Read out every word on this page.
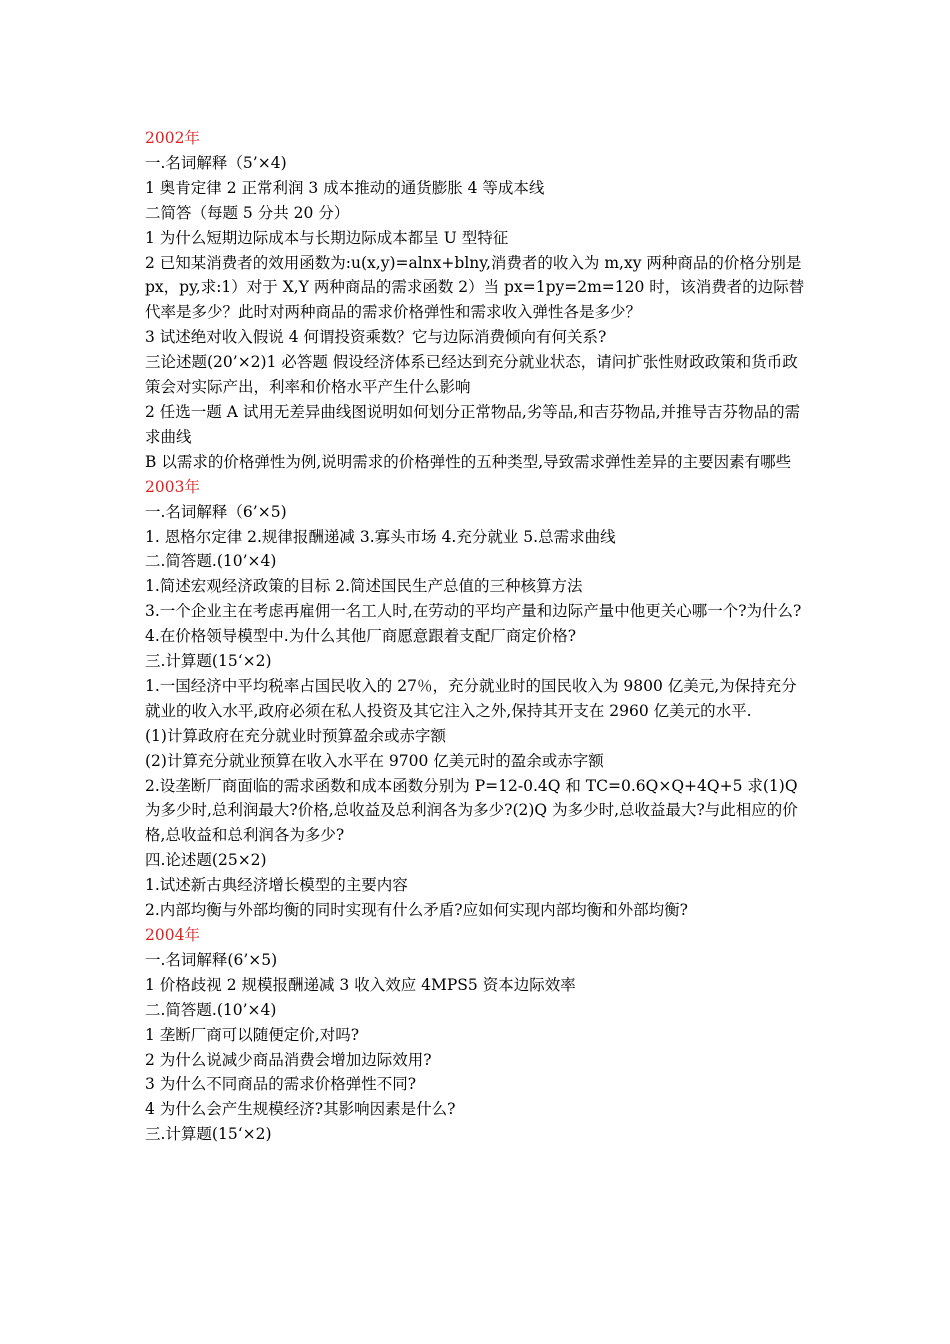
2002年

一.名词解释（5’×4)

1 奥肯定律 2 正常利润 3 成本推动的通货膨胀 4 等成本线

二简答（每题 5 分共 20 分）

1 为什么短期边际成本与长期边际成本都呈 U 型特征

2 已知某消费者的效用函数为:u(x,y)=alnx+blny,消费者的收入为 m,xy 两种商品的价格分别是 px，py,求:1）对于 X,Y 两种商品的需求函数 2）当 px=1py=2m=120 时，该消费者的边际替代率是多少？此时对两种商品的需求价格弹性和需求收入弹性各是多少？

3 试述绝对收入假说 4 何谓投资乘数？它与边际消费倾向有何关系?

三论述题(20’×2)1 必答题 假设经济体系已经达到充分就业状态，请问扩张性财政政策和货币政策会对实际产出，利率和价格水平产生什么影响

2 任选一题 A 试用无差异曲线图说明如何划分正常物品,劣等品,和吉芬物品,并推导吉芬物品的需求曲线

B 以需求的价格弹性为例,说明需求的价格弹性的五种类型,导致需求弹性差异的主要因素有哪些

2003年

一.名词解释（6’×5)

1. 恩格尔定律 2.规律报酬递减 3.寡头市场 4.充分就业 5.总需求曲线

二.简答题.(10’×4)

1.简述宏观经济政策的目标 2.简述国民生产总值的三种核算方法

3.一个企业主在考虑再雇佣一名工人时,在劳动的平均产量和边际产量中他更关心哪一个?为什么?

4.在价格领导模型中.为什么其他厂商愿意跟着支配厂商定价格?

三.计算题(15‘×2)

1.一国经济中平均税率占国民收入的 27％，充分就业时的国民收入为 9800 亿美元,为保持充分就业的收入水平,政府必须在私人投资及其它注入之外,保持其开支在 2960 亿美元的水平.

(1)计算政府在充分就业时预算盈余或赤字额

(2)计算充分就业预算在收入水平在 9700 亿美元时的盈余或赤字额

2.设垄断厂商面临的需求函数和成本函数分别为 P=12-0.4Q 和 TC=0.6Q×Q+4Q+5 求(1)Q 为多少时,总利润最大?价格,总收益及总利润各为多少?(2)Q 为多少时,总收益最大?与此相应的价格,总收益和总利润各为多少?

四.论述题(25×2)

1.试述新古典经济增长模型的主要内容

2.内部均衡与外部均衡的同时实现有什么矛盾?应如何实现内部均衡和外部均衡?

2004年

一.名词解释(6’×5)

1 价格歧视 2 规模报酬递减 3 收入效应 4MPS5 资本边际效率

二.简答题.(10’×4)

1 垄断厂商可以随便定价,对吗?

2 为什么说减少商品消费会增加边际效用?

3 为什么不同商品的需求价格弹性不同?

4 为什么会产生规模经济?其影响因素是什么?

三.计算题(15‘×2)
